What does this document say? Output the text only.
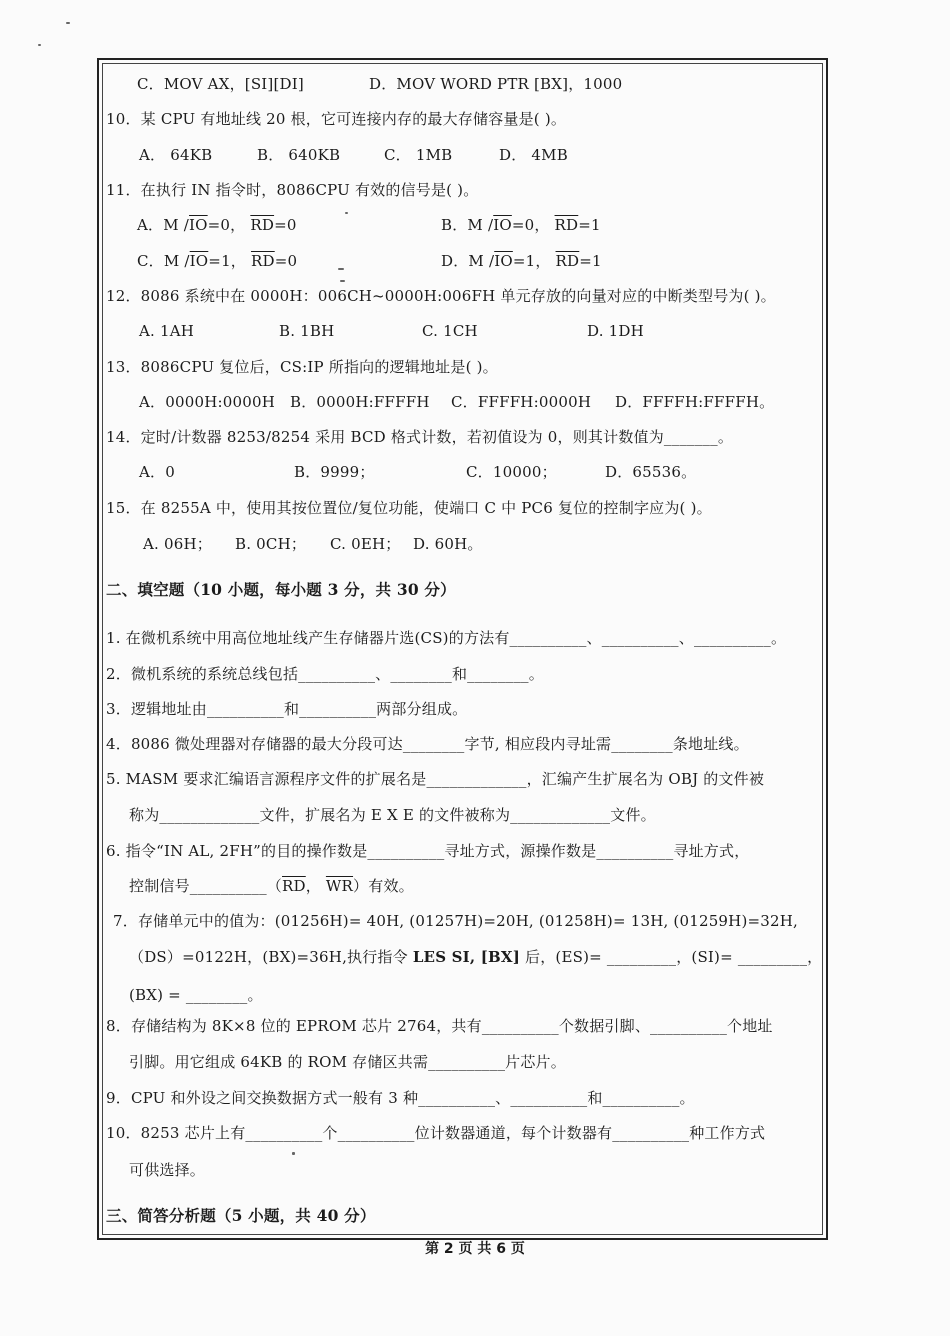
C．MOV AX，[SI][DI]	D．MOV WORD PTR [BX]，1000
10．某 CPU 有地址线 20 根，它可连接内存的最大存储容量是( )。
A． 64KB	B． 640KB	C． 1MB	D． 4MB
11．在执行 IN 指令时，8086CPU 有效的信号是( )。
A．M $/\overline{IO}=0$， $\overline{RD}=0$	B．M $/\overline{IO}=0$， $\overline{RD}=1$
C．M $/\overline{IO}=1$， $\overline{RD}=0$	D．M $/\overline{IO}=1$， $\overline{RD}=1$
12．8086 系统中在 0000H：006CH~0000H:006FH 单元存放的向量对应的中断类型号为( )。
A. 1AH	B. 1BH	C. 1CH	D. 1DH
13．8086CPU 复位后，CS:IP 所指向的逻辑地址是( )。
A．0000H:0000H B．0000H:FFFFH C．FFFFH:0000H D．FFFFH:FFFFH。
14．定时/计数器 8253/8254 采用 BCD 格式计数，若初值设为 0，则其计数值为_______。
A．0	B．9999；	C．10000；	D．65536。
15．在 8255A 中，使用其按位置位/复位功能，使端口 C 中 PC6 复位的控制字应为( )。
A. 06H； B. 0CH； C. 0EH； D. 60H。
二、填空题（10 小题，每小题 3 分，共 30 分）
1. 在微机系统中用高位地址线产生存储器片选(CS)的方法有__________、__________、__________。
2．微机系统的系统总线包括__________、________和________。
3．逻辑地址由__________和__________两部分组成。
4．8086 微处理器对存储器的最大分段可达________字节, 相应段内寻址需________条地址线。
5. MASM 要求汇编语言源程序文件的扩展名是_____________，汇编产生扩展名为 OBJ 的文件被
称为_____________文件，扩展名为 E X E 的文件被称为_____________文件。
6. 指令“IN AL, 2FH”的目的操作数是__________寻址方式，源操作数是__________寻址方式，
控制信号$\_\_\_\_\_\_\_\_\_\_(\overline{RD}$， $\overline{WR}$）有效。
7．存储单元中的值为：(01256H)= 40H, (01257H)=20H, (01258H)= 13H, (01259H)=32H,
（DS）=0122H，(BX)=36H,执行指令 LES SI, [BX] 后，(ES)= _________，(SI)= _________，
(BX) = ________。
8．存储结构为 8K×8 位的 EPROM 芯片 2764，共有__________个数据引脚、__________个地址
引脚。用它组成 64KB 的 ROM 存储区共需__________片芯片。
9．CPU 和外设之间交换数据方式一般有 3 种__________、__________和__________。
10．8253 芯片上有__________个__________位计数器通道，每个计数器有__________种工作方式
可供选择。
三、简答分析题（5 小题，共 40 分）
第 2 页 共 6 页
